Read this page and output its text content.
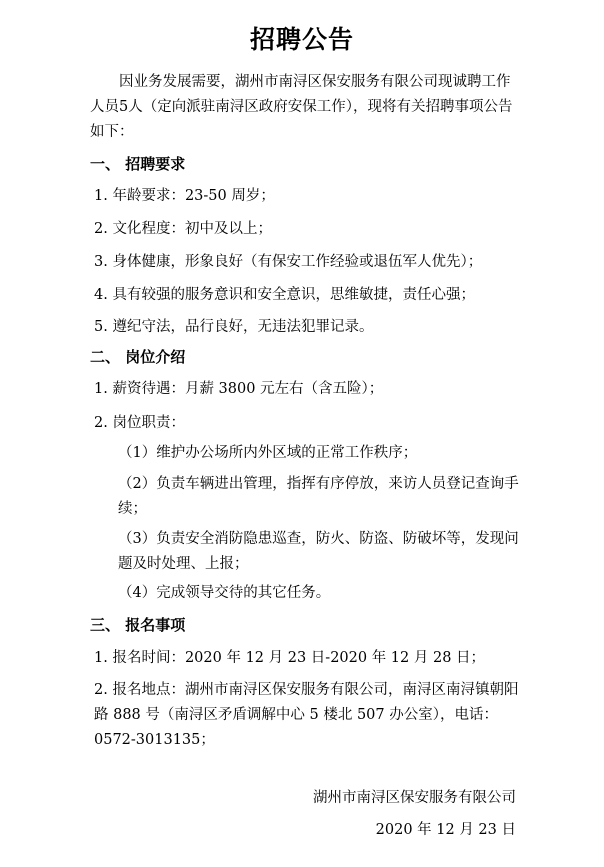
招聘公告
因业务发展需要，湖州市南浔区保安服务有限公司现诚聘工作人员5人（定向派驻南浔区政府安保工作），现将有关招聘事项公告如下：
一、 招聘要求
1. 年龄要求：23-50 周岁；
2. 文化程度：初中及以上；
3. 身体健康，形象良好（有保安工作经验或退伍军人优先）；
4. 具有较强的服务意识和安全意识，思维敏捷，责任心强；
5. 遵纪守法，品行良好，无违法犯罪记录。
二、 岗位介绍
1. 薪资待遇：月薪 3800 元左右（含五险）；
2. 岗位职责：
（1）维护办公场所内外区域的正常工作秩序；
（2）负责车辆进出管理，指挥有序停放，来访人员登记查询手续；
（3）负责安全消防隐患巡查，防火、防盗、防破坏等，发现问题及时处理、上报；
（4）完成领导交待的其它任务。
三、 报名事项
1. 报名时间：2020 年 12 月 23 日-2020 年 12 月 28 日；
2. 报名地点：湖州市南浔区保安服务有限公司，南浔区南浔镇朝阳路 888 号（南浔区矛盾调解中心 5 楼北 507 办公室），电话：0572-3013135；
湖州市南浔区保安服务有限公司
2020 年 12 月 23 日
